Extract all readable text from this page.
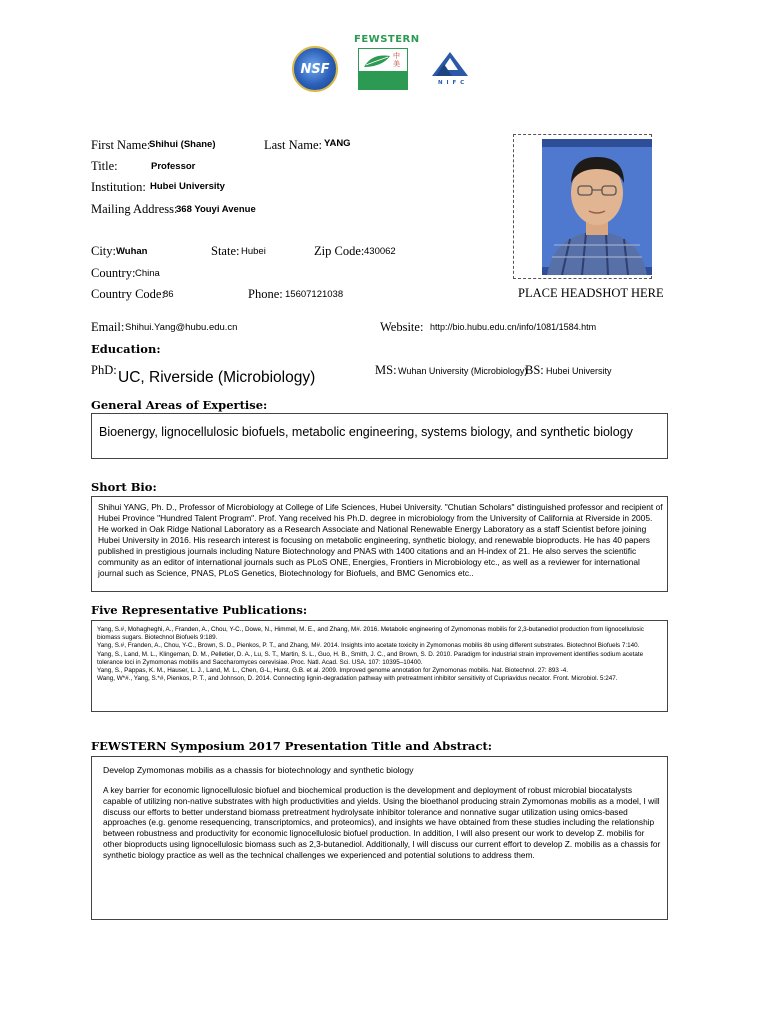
NSF
FEWSTERN
中美
N I F C
PLACE HEADSHOT HERE
First Name:
Shihui (Shane)	Last Name: YANG
Title:	Professor
Institution: Hubei University
Mailing Address:
368 Youyi Avenue
City: Wuhan	State: Hubei	Zip Code: 430062
Country: China
Country Code:
86	Phone: 15607121038
Email: Shihui.Yang@hubu.edu.cn	Website: http://bio.hubu.edu.cn/info/1081/1584.htm
Education:
PhD: UC, Riverside (Microbiology)	MS: Wuhan University (Microbiology)
BS: Hubei University
General Areas of Expertise:
Bioenergy, lignocellulosic biofuels, metabolic engineering, systems biology, and synthetic biology
Short Bio:
Shihui YANG, Ph. D., Professor of Microbiology at College of Life Sciences, Hubei University. "Chutian Scholars" distinguished professor and recipient of Hubei Province "Hundred Talent Program". Prof. Yang received his Ph.D. degree in microbiology from the University of California at Riverside in 2005. He worked in Oak Ridge National Laboratory as a Research Associate and National Renewable Energy Laboratory as a staff Scientist before joining Hubei University in 2016. His research interest is focusing on metabolic engineering, synthetic biology, and renewable bioproducts. He has 40 papers published in prestigious journals including Nature Biotechnology and PNAS with 1400 citations and an H-index of 21. He also serves the scientific community as an editor of international journals such as PLoS ONE, Energies, Frontiers in Microbiology etc., as well as a reviewer for international journal such as Science, PNAS, PLoS Genetics, Biotechnology for Biofuels, and BMC Genomics etc..
Five Representative Publications:
Yang, S.#, Mohagheghi, A., Franden, A., Chou, Y-C., Dowe, N., Himmel, M. E., and Zhang, M#. 2016. Metabolic engineering of Zymomonas mobilis for 2,3-butanediol production from lignocellulosic biomass sugars. Biotechnol Biofuels 9:189.
Yang, S.#, Franden, A., Chou, Y-C., Brown, S. D., Pienkos, P. T., and Zhang, M#. 2014. Insights into acetate toxicity in Zymomonas mobilis 8b using different substrates. Biotechnol Biofuels 7:140.
Yang, S., Land, M. L., Klingeman, D. M., Pelletier, D. A., Lu, S. T., Martin, S. L., Guo, H. B., Smith, J. C., and Brown, S. D. 2010. Paradigm for industrial strain improvement identifies sodium acetate tolerance loci in Zymomonas mobilis and Saccharomyces cerevisiae. Proc. Natl. Acad. Sci. USA. 107: 10395–10400.
Yang, S., Pappas, K. M., Hauser, L. J., Land, M. L., Chen, G-L, Hurst, G.B. et al. 2009. Improved genome annotation for Zymomonas mobilis. Nat. Biotechnol. 27: 893 -4.
Wang, W*#., Yang, S.*#, Pienkos, P. T., and Johnson, D. 2014. Connecting lignin-degradation pathway with pretreatment inhibitor sensitivity of Cupriavidus necator. Front. Microbiol. 5:247.
FEWSTERN Symposium 2017 Presentation Title and Abstract:
Develop Zymomonas mobilis as a chassis for biotechnology and synthetic biology
A key barrier for economic lignocellulosic biofuel and biochemical production is the development and deployment of robust microbial biocatalysts capable of utilizing non-native substrates with high productivities and yields. Using the bioethanol producing strain Zymomonas mobilis as a model, I will discuss our efforts to better understand biomass pretreatment hydrolysate inhibitor tolerance and nonnative sugar utilization using omics-based approaches (e.g. genome resequencing, transcriptomics, and proteomics), and insights we have obtained from these studies including the relationship between robustness and productivity for economic lignocellulosic biofuel production. In addition, I will also present our work to develop Z. mobilis for other bioproducts using lignocellulosic biomass such as 2,3-butanediol. Additionally, I will discuss our current effort to develop Z. mobilis as a chassis for synthetic biology practice as well as the technical challenges we experienced and potential solutions to address them.
